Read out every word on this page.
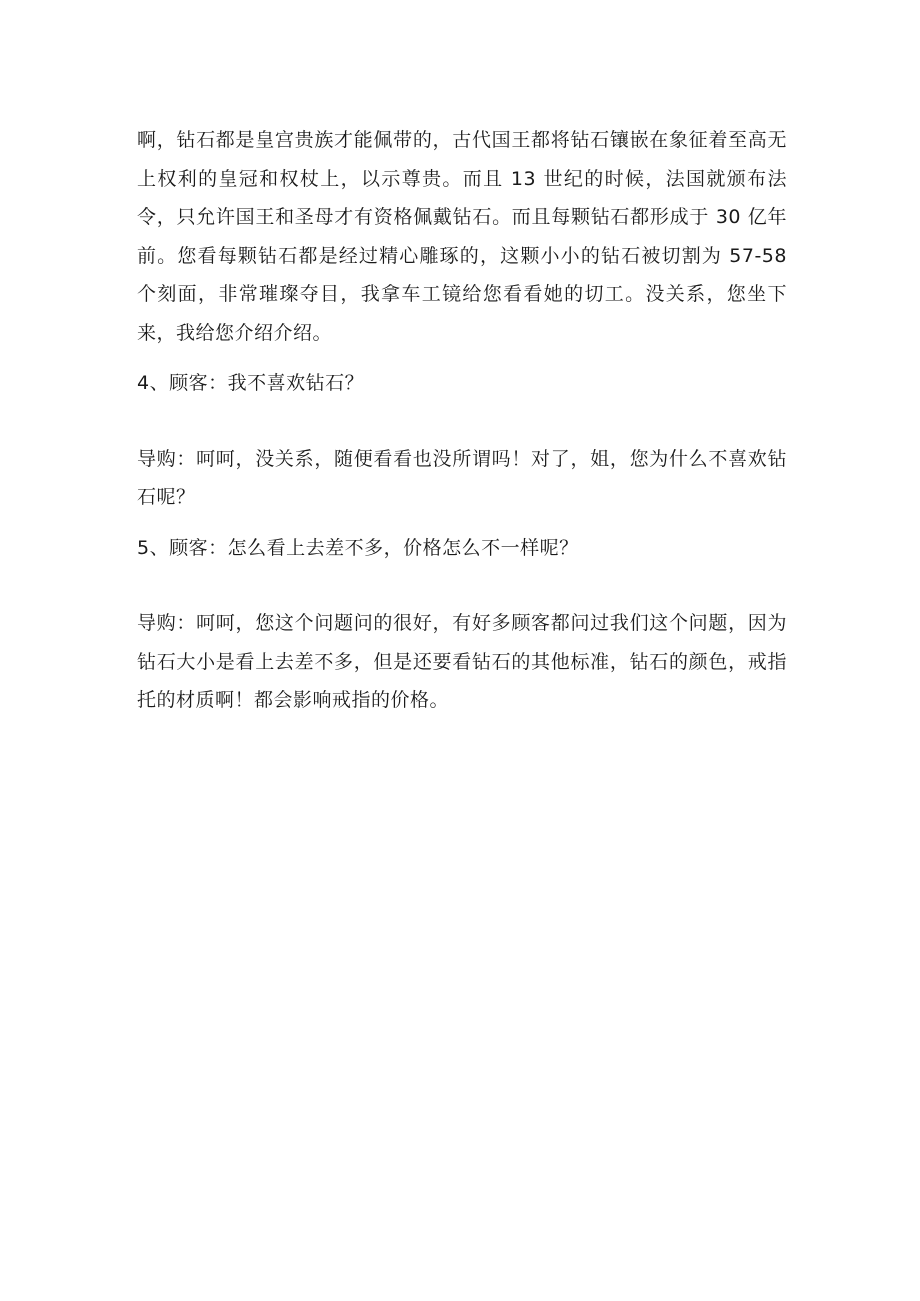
啊，钻石都是皇宫贵族才能佩带的，古代国王都将钻石镶嵌在象征着至高无上权利的皇冠和权杖上，以示尊贵。而且 13 世纪的时候，法国就颁布法令，只允许国王和圣母才有资格佩戴钻石。而且每颗钻石都形成于 30 亿年前。您看每颗钻石都是经过精心雕琢的，这颗小小的钻石被切割为 57-58 个刻面，非常璀璨夺目，我拿车工镜给您看看她的切工。没关系，您坐下来，我给您介绍介绍。

4、顾客：我不喜欢钻石？

导购：呵呵，没关系，随便看看也没所谓吗！对了，姐，您为什么不喜欢钻石呢？

5、顾客：怎么看上去差不多，价格怎么不一样呢？

导购：呵呵，您这个问题问的很好，有好多顾客都问过我们这个问题，因为钻石大小是看上去差不多，但是还要看钻石的其他标准，钻石的颜色，戒指托的材质啊！都会影响戒指的价格。
